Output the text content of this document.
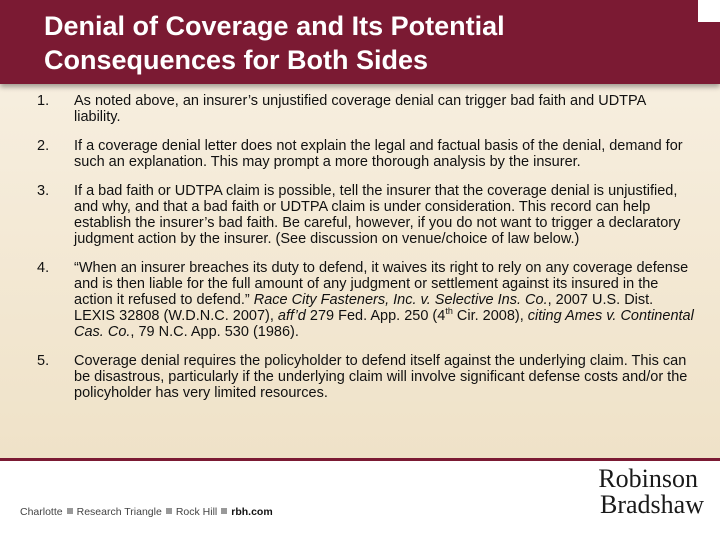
Denial of Coverage and Its Potential Consequences for Both Sides
1. As noted above, an insurer’s unjustified coverage denial can trigger bad faith and UDTPA liability.
2. If a coverage denial letter does not explain the legal and factual basis of the denial, demand for such an explanation. This may prompt a more thorough analysis by the insurer.
3. If a bad faith or UDTPA claim is possible, tell the insurer that the coverage denial is unjustified, and why, and that a bad faith or UDTPA claim is under consideration. This record can help establish the insurer’s bad faith. Be careful, however, if you do not want to trigger a declaratory judgment action by the insurer. (See discussion on venue/choice of law below.)
4. “When an insurer breaches its duty to defend, it waives its right to rely on any coverage defense and is then liable for the full amount of any judgment or settlement against its insured in the action it refused to defend.” Race City Fasteners, Inc. v. Selective Ins. Co., 2007 U.S. Dist. LEXIS 32808 (W.D.N.C. 2007), aff’d 279 Fed. App. 250 (4th Cir. 2008), citing Ames v. Continental Cas. Co., 79 N.C. App. 530 (1986).
5. Coverage denial requires the policyholder to defend itself against the underlying claim. This can be disastrous, particularly if the underlying claim will involve significant defense costs and/or the policyholder has very limited resources.
Charlotte Research Triangle Rock Hill rbh.com
Robinson
Bradshaw
